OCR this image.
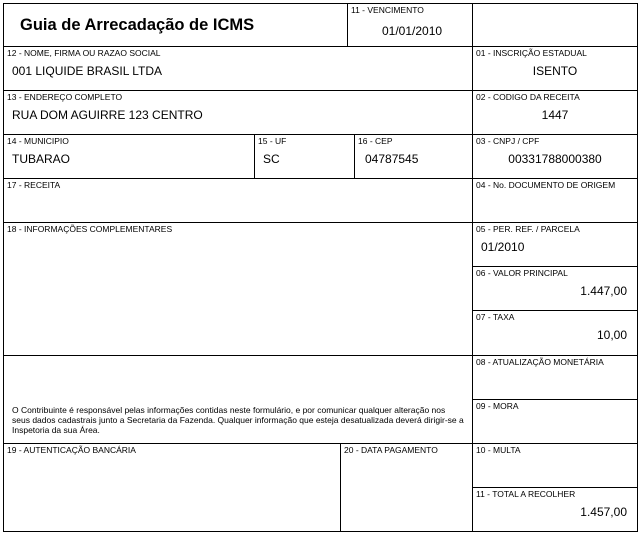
Guia de Arrecadação de ICMS
11 - VENCIMENTO
01/01/2010
12 - NOME, FIRMA OU RAZAO SOCIAL
001 LIQUIDE BRASIL LTDA
01 - INSCRIÇÃO ESTADUAL
ISENTO
13 - ENDEREÇO COMPLETO
RUA DOM AGUIRRE 123 CENTRO
02 - CODIGO DA RECEITA
1447
14 - MUNICIPIO
TUBARAO
15 - UF
SC
16 - CEP
04787545
03 - CNPJ / CPF
00331788000380
17 - RECEITA	04 - No. DOCUMENTO DE ORIGEM
18 - INFORMAÇÕES COMPLEMENTARES	05 - PER. REF. / PARCELA
01/2010
06 - VALOR PRINCIPAL
1.447,00
07 - TAXA
10,00
O Contribuinte é responsável pelas informações contidas neste formulário, e por comunicar qualquer alteração nos seus dados cadastrais junto a Secretaria da Fazenda. Qualquer informação que esteja desatualizada deverá dirigir-se a Inspetoria da sua Área.
08 - ATUALIZAÇÃO MONETÁRIA
09 - MORA
19 - AUTENTICAÇÃO BANCÁRIA	20 - DATA PAGAMENTO	10 - MULTA
11 - TOTAL A RECOLHER
1.457,00
